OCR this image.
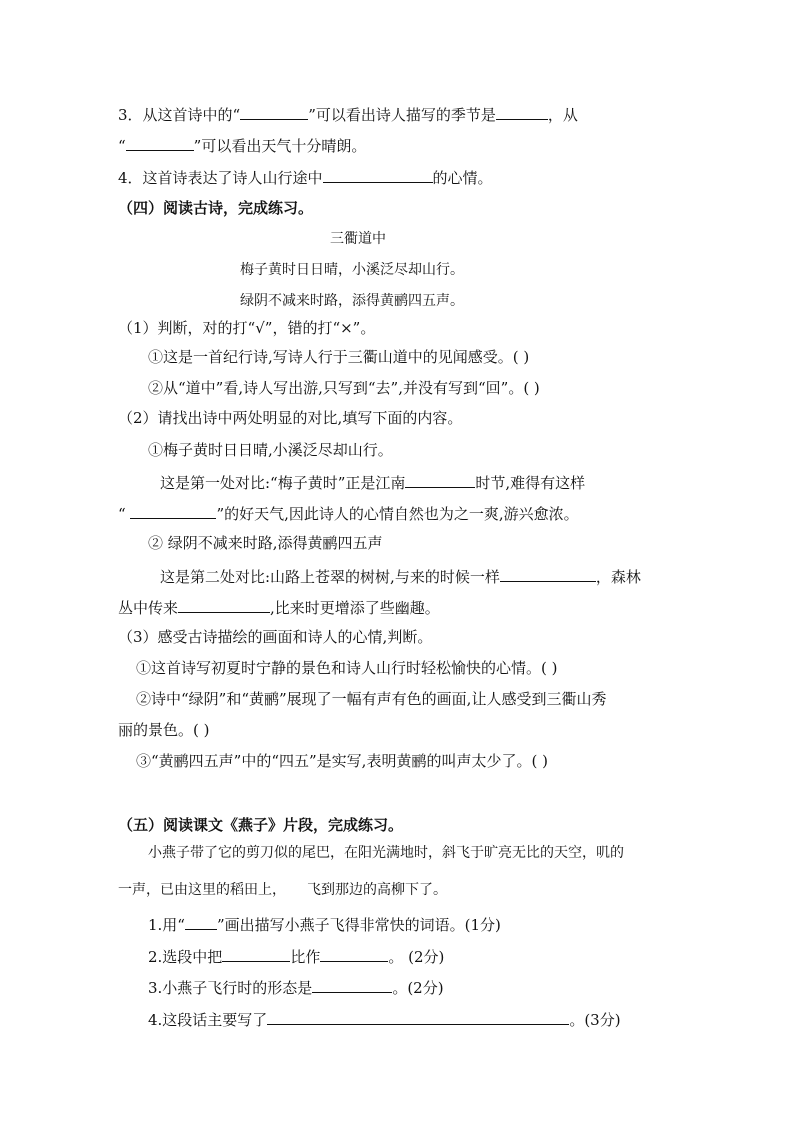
3．从这首诗中的“	”可以看出诗人描写的季节是	，从
“	”可以看出天气十分晴朗。
4．这首诗表达了诗人山行途中	的心情。
（四）阅读古诗，完成练习。
三衢道中
梅子黄时日日晴，小溪泛尽却山行。
绿阴不减来时路，添得黄鹂四五声。
（1）判断，对的打“√”，错的打“×”。
①这是一首纪行诗,写诗人行于三衢山道中的见闻感受。( )
②从“道中”看,诗人写出游,只写到“去”,并没有写到“回”。( )
（2）请找出诗中两处明显的对比,填写下面的内容。
①梅子黄时日日晴,小溪泛尽却山行。
这是第一处对比:“梅子黄时”正是江南	时节,难得有这样
“	”的好天气,因此诗人的心情自然也为之一爽,游兴愈浓。
② 绿阴不减来时路,添得黄鹂四五声
这是第二处对比:山路上苍翠的树树,与来的时候一样	，森林
丛中传来	,比来时更增添了些幽趣。
（3）感受古诗描绘的画面和诗人的心情,判断。
①这首诗写初夏时宁静的景色和诗人山行时轻松愉快的心情。( )
②诗中“绿阴”和“黄鹂”展现了一幅有声有色的画面,让人感受到三衢山秀
丽的景色。( )
③“黄鹂四五声”中的“四五”是实写,表明黄鹂的叫声太少了。( )
（五）阅读课文《燕子》片段，完成练习。
小燕子带了它的剪刀似的尾巴，在阳光满地时，斜飞于旷亮无比的天空，叽的
一声，已由这里的稻田上，　　飞到那边的高柳下了。
1.用“ ”画出描写小燕子飞得非常快的词语。(1分)
2.选段中把	比作	。 (2分)
3.小燕子飞行时的形态是	。(2分)
4.这段话主要写了	。(3分)
